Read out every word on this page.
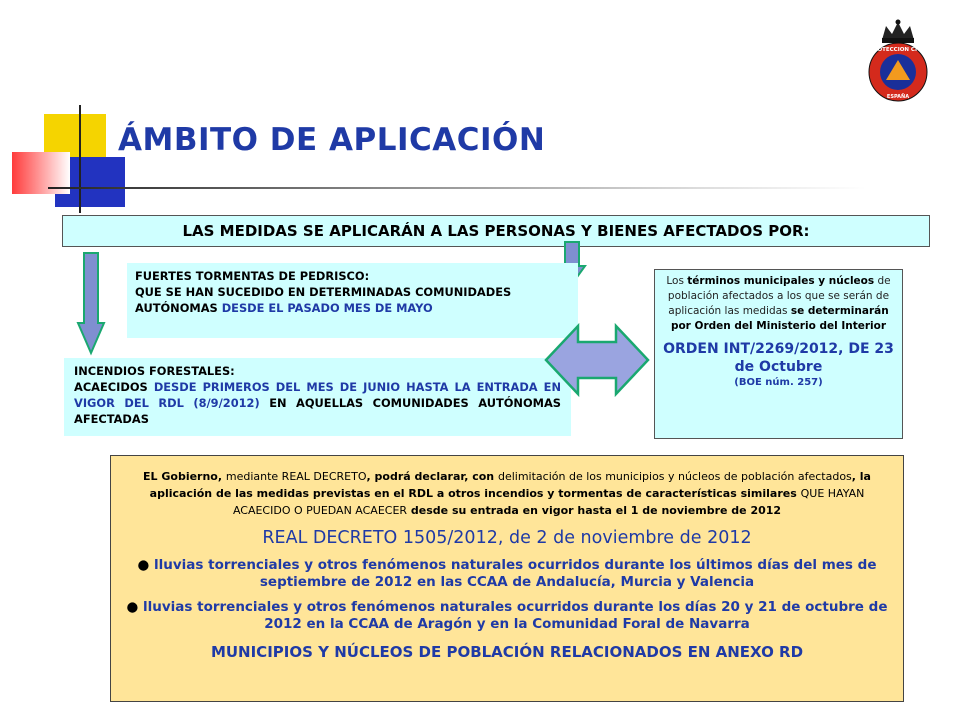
ÁMBITO DE APLICACIÓN
PROTECCION CIVIL
ESPAÑA
LAS MEDIDAS SE APLICARÁN A LAS PERSONAS Y BIENES AFECTADOS POR:
FUERTES TORMENTAS DE PEDRISCO:
QUE SE HAN SUCEDIDO EN DETERMINADAS COMUNIDADES AUTÓNOMAS DESDE EL PASADO MES DE MAYO
INCENDIOS FORESTALES:
ACAECIDOS DESDE PRIMEROS DEL MES DE JUNIO HASTA LA ENTRADA EN VIGOR DEL RDL (8/9/2012) EN AQUELLAS COMUNIDADES AUTÓNOMAS AFECTADAS
Los términos municipales y núcleos de población afectados a los que se serán de aplicación las medidas se determinarán por Orden del Ministerio del Interior
ORDEN INT/2269/2012, DE 23 de Octubre
(BOE núm. 257)
EL Gobierno, mediante REAL DECRETO, podrá declarar, con delimitación de los municipios y núcleos de población afectados, la aplicación de las medidas previstas en el RDL a otros incendios y tormentas de características similares QUE HAYAN ACAECIDO O PUEDAN ACAECER desde su entrada en vigor hasta el 1 de noviembre de 2012
REAL DECRETO 1505/2012, de 2 de noviembre de 2012
● lluvias torrenciales y otros fenómenos naturales ocurridos durante los últimos días del mes de septiembre de 2012 en las CCAA de Andalucía, Murcia y Valencia
● lluvias torrenciales y otros fenómenos naturales ocurridos durante los días 20 y 21 de octubre de 2012 en la CCAA de Aragón y en la Comunidad Foral de Navarra
MUNICIPIOS Y NÚCLEOS DE POBLACIÓN RELACIONADOS EN ANEXO RD
